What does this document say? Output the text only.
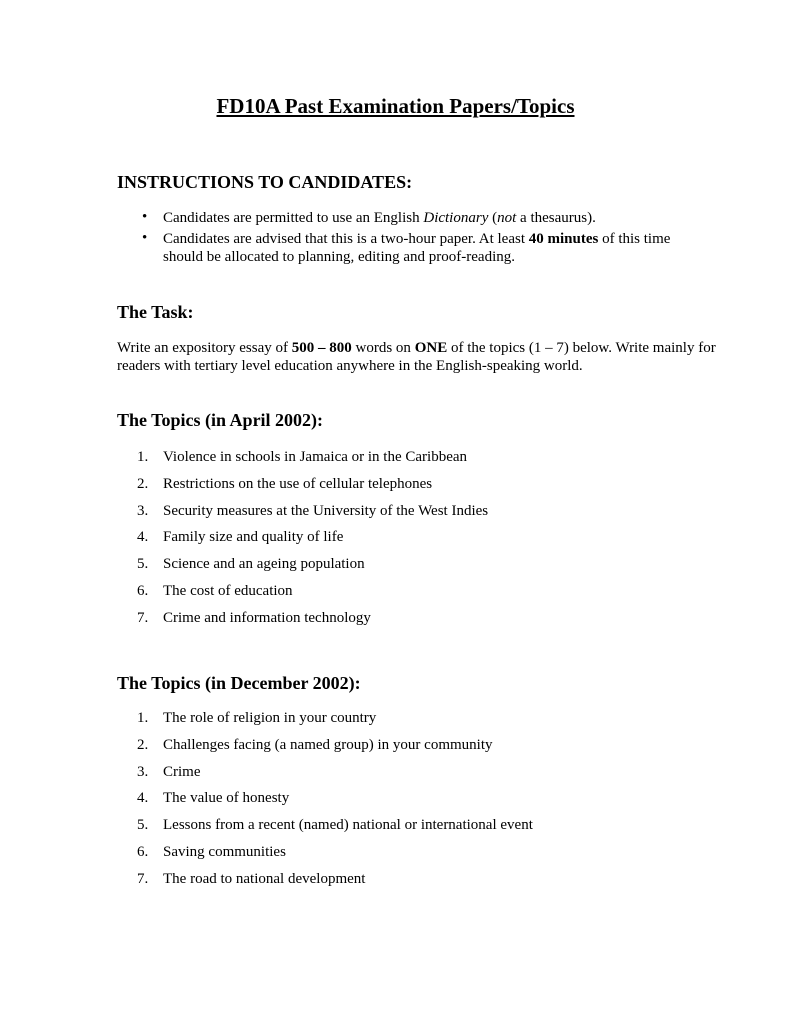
FD10A Past Examination Papers/Topics
INSTRUCTIONS TO CANDIDATES:
• Candidates are permitted to use an English Dictionary (not a thesaurus).
• Candidates are advised that this is a two-hour paper. At least 40 minutes of this time should be allocated to planning, editing and proof-reading.
The Task:
Write an expository essay of 500 – 800 words on ONE of the topics (1 – 7) below. Write mainly for readers with tertiary level education anywhere in the English-speaking world.
The Topics (in April 2002):
1. Violence in schools in Jamaica or in the Caribbean
2. Restrictions on the use of cellular telephones
3. Security measures at the University of the West Indies
4. Family size and quality of life
5. Science and an ageing population
6. The cost of education
7. Crime and information technology
The Topics (in December 2002):
1. The role of religion in your country
2. Challenges facing (a named group) in your community
3. Crime
4. The value of honesty
5. Lessons from a recent (named) national or international event
6. Saving communities
7. The road to national development
